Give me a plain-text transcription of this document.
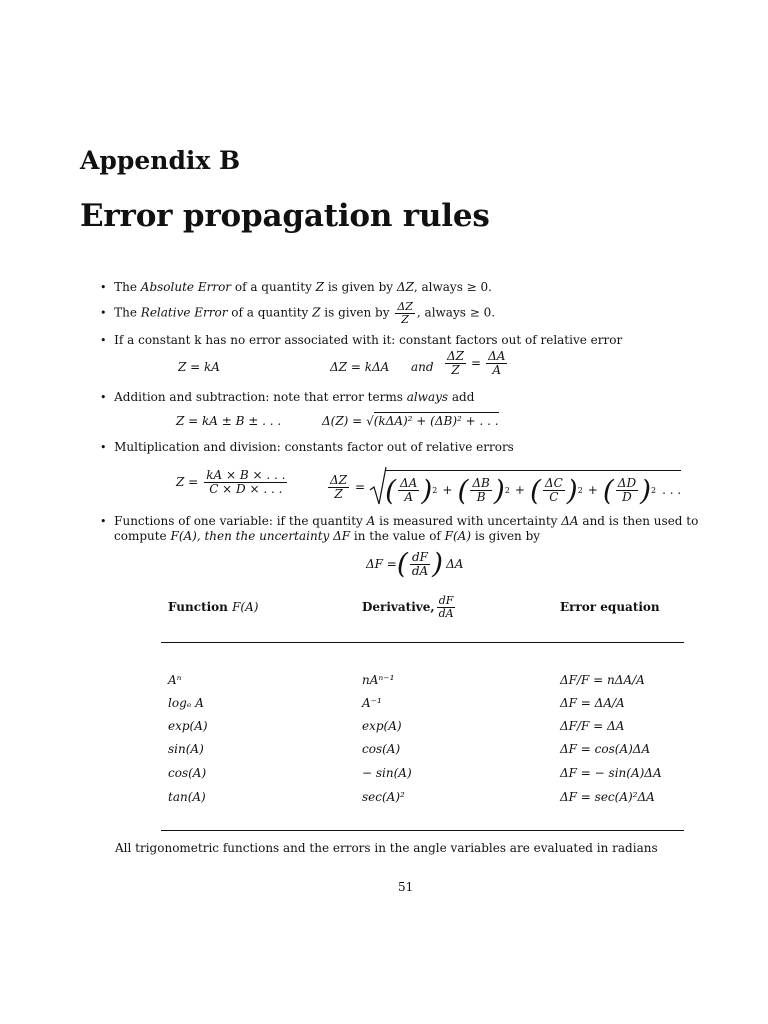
Appendix B
Error propagation rules
• The Absolute Error of a quantity Z is given by ΔZ, always ≥ 0.
• The Relative Error of a quantity Z is given by $\frac{\Delta Z}{Z}$ , always ≥ 0.
• If a constant k has no error associated with it: constant factors out of relative error
Z = kA	ΔZ = kΔA and $\frac{\Delta Z}{Z} = \frac{\Delta A}{A}$
• Addition and subtraction: note that error terms always add
Z = kA ± B ± . . .	Δ(Z) = √(kΔA)² + (ΔB)² + . . .
• Multiplication and division: constants factor out of relative errors
$Z = \frac{kA \times B \times . . .}{C \times D \times . . .}$	$\frac{\Delta Z}{Z}$ = ( $\frac{\Delta A}{A}$ ) 2 + ( $\frac{\Delta B}{B}$ ) 2 + ( $\frac{\Delta C}{C}$ ) 2 + ( $\frac{\Delta D}{D}$ ) 2 . . .
• Functions of one variable: if the quantity A is measured with uncertainty ΔA and is then used to
compute F(A), then the uncertainty ΔF in the value of F(A) is given by
ΔF = ( $\frac{dF}{dA}$ ) ΔA
Function F(A)	Derivative, $\frac{dF}{dA}$	Error equation
Aⁿ	nAⁿ⁻¹	ΔF/F = nΔA/A
logₑ A	A⁻¹	ΔF = ΔA/A
exp(A)	exp(A)	ΔF/F = ΔA
sin(A)	cos(A)	ΔF = cos(A)ΔA
cos(A)	− sin(A)	ΔF = − sin(A)ΔA
tan(A)	sec(A)²	ΔF = sec(A)²ΔA
All trigonometric functions and the errors in the angle variables are evaluated in radians
51
